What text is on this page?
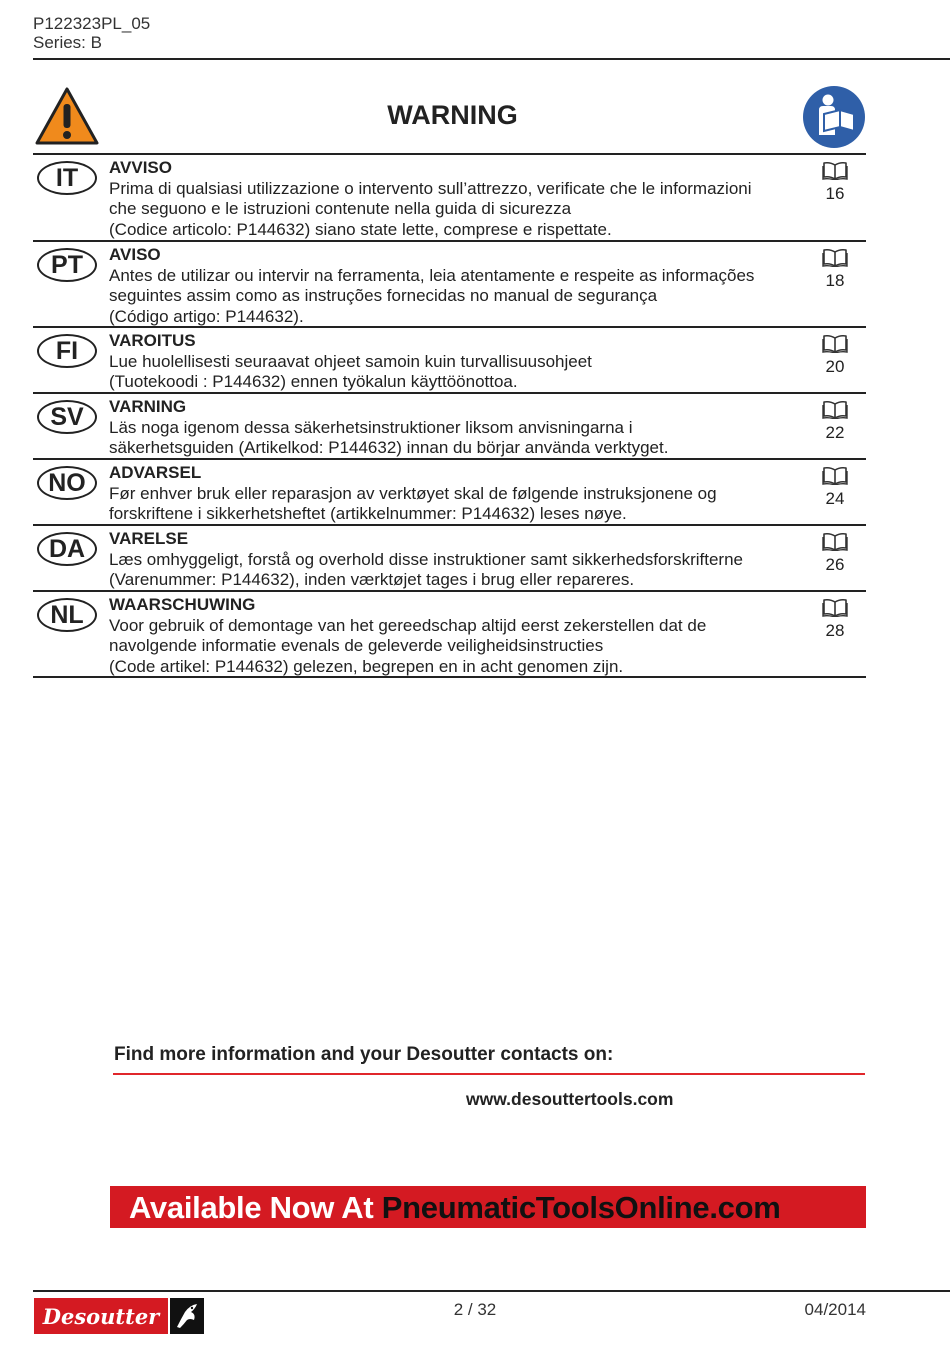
P122323PL_05
Series: B
WARNING
IT	AVVISO
Prima di qualsiasi utilizzazione o intervento sull’attrezzo, verificate che le informazioni
che seguono e le istruzioni contenute nella guida di sicurezza
(Codice articolo: P144632) siano state lette, comprese e rispettate.
16
PT	AVISO
Antes de utilizar ou intervir na ferramenta, leia atentamente e respeite as informações
seguintes assim como as instruções fornecidas no manual de segurança
(Código artigo: P144632).
18
FI	VAROITUS
Lue huolellisesti seuraavat ohjeet samoin kuin turvallisuusohjeet
(Tuotekoodi : P144632) ennen työkalun käyttöönottoa.
20
SV	VARNING
Läs noga igenom dessa säkerhetsinstruktioner liksom anvisningarna i
säkerhetsguiden (Artikelkod: P144632) innan du börjar använda verktyget.
22
NO	ADVARSEL
Før enhver bruk eller reparasjon av verktøyet skal de følgende instruksjonene og
forskriftene i sikkerhetsheftet (artikkelnummer: P144632) leses nøye.
24
DA	VARELSE
Læs omhyggeligt, forstå og overhold disse instruktioner samt sikkerhedsforskrifterne
(Varenummer: P144632), inden værktøjet tages i brug eller repareres.
26
NL	WAARSCHUWING
Voor gebruik of demontage van het gereedschap altijd eerst zekerstellen dat de
navolgende informatie evenals de geleverde veiligheidsinstructies
(Code artikel: P144632) gelezen, begrepen en in acht genomen zijn.
28
Find more information and your Desoutter contacts on:
www.desouttertools.com
Available Now At PneumaticToolsOnline.com
Desoutter	2 / 32	04/2014
